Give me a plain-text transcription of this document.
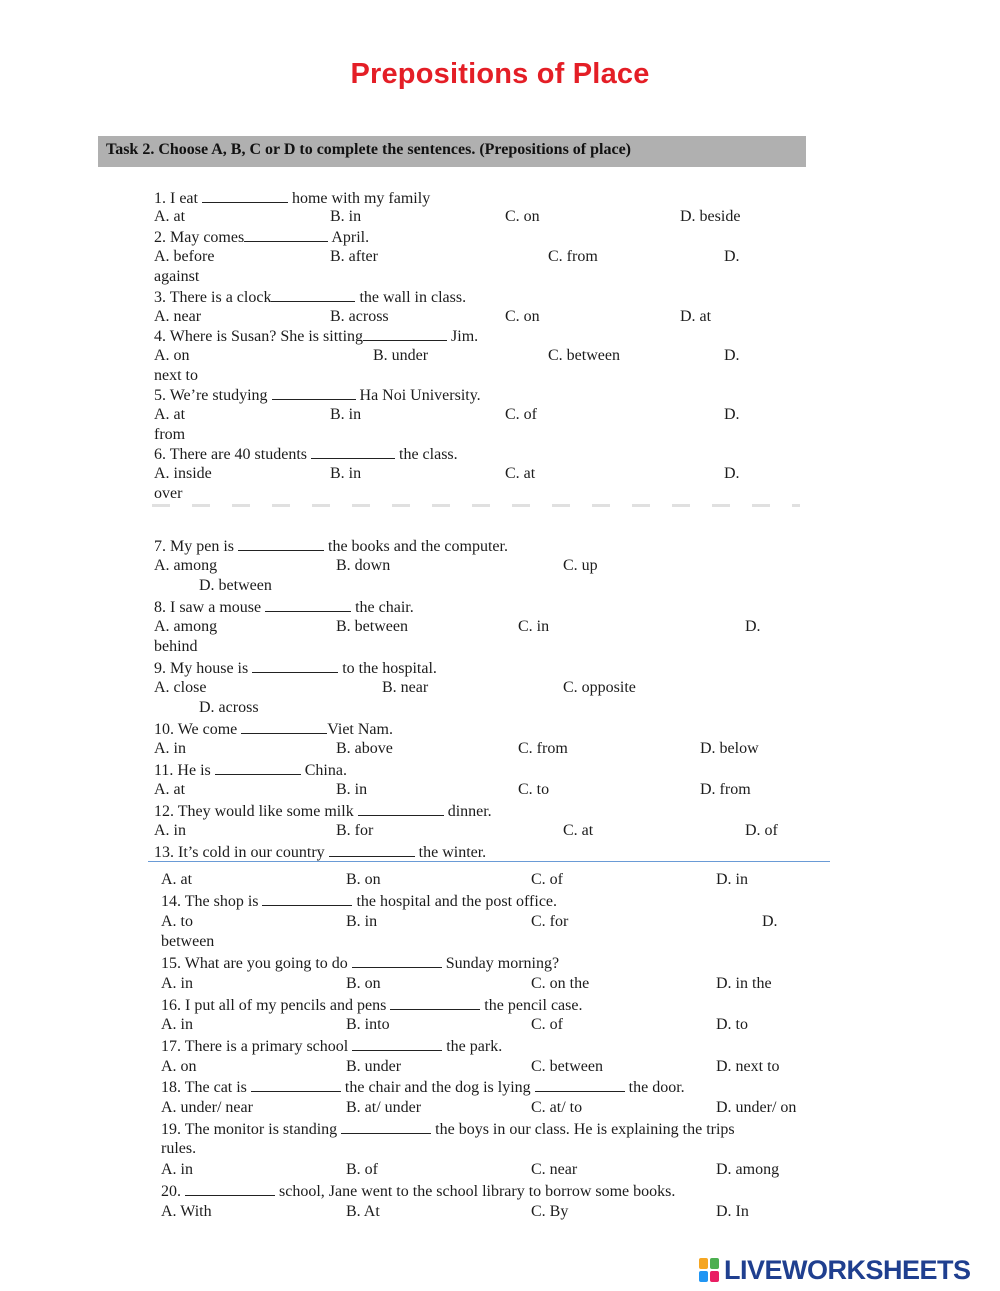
Prepositions of Place
Task 2. Choose A, B, C or D to complete the sentences. (Prepositions of place)
1. I eat	home with my family
A. at	B. in	C. on	D. beside
2. May comes	April.
A. before	B. after	C. from	D.
against
3. There is a clock	the wall in class.
A. near	B. across	C. on	D. at
4. Where is Susan? She is sitting	Jim.
A. on	B. under	C. between	D.
next to
5. We’re studying	Ha Noi University.
A. at	B. in	C. of	D.
from
6. There are 40 students	the class.
A. inside	B. in	C. at	D.
over
7. My pen is	the books and the computer.
A. among	B. down	C. up
D. between
8. I saw a mouse	the chair.
A. among	B. between	C. in	D.
behind
9. My house is	to the hospital.
A. close	B. near	C. opposite
D. across
10. We come	Viet Nam.
A. in	B. above	C. from	D. below
11. He is	China.
A. at	B. in	C. to	D. from
12. They would like some milk	dinner.
A. in	B. for	C. at	D. of
13. It’s cold in our country	the winter.
A. at	B. on	C. of	D. in
14. The shop is	the hospital and the post office.
A. to	B. in	C. for	D.
between
15. What are you going to do	Sunday morning?
A. in	B. on	C. on the	D. in the
16. I put all of my pencils and pens	the pencil case.
A. in	B. into	C. of	D. to
17. There is a primary school	the park.
A. on	B. under	C. between	D. next to
18. The cat is	the chair and the dog is lying	the door.
A. under/ near	B. at/ under	C. at/ to	D. under/ on
19. The monitor is standing	the boys in our class. He is explaining the trips
A. in	B. of	C. near	D. among
rules.
20.	school, Jane went to the school library to borrow some books.
A. With	B. At	C. By	D. In
LIVEWORKSHEETS
